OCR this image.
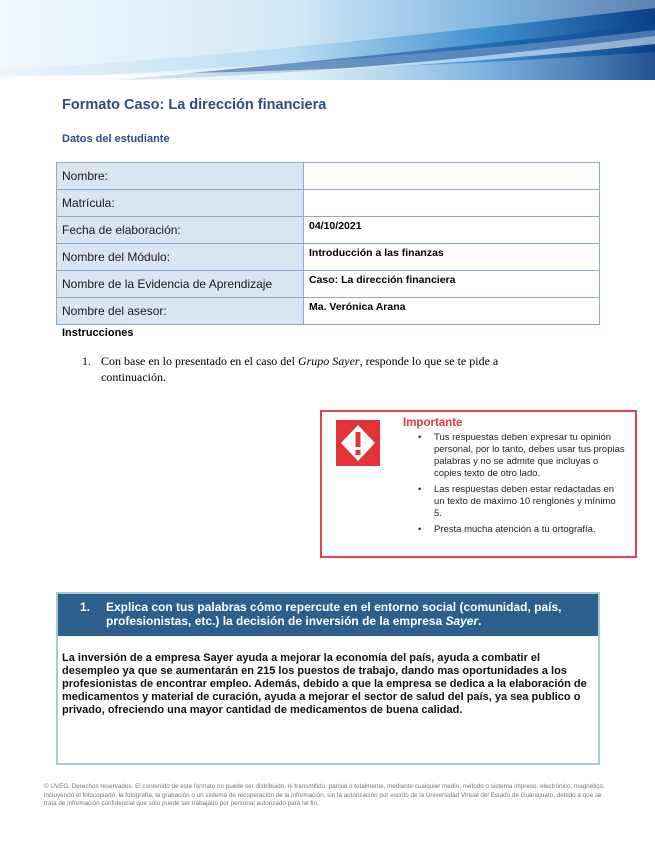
Formato Caso: La dirección financiera
Datos del estudiante
Nombre:	
Matrícula:	
Fecha de elaboración:	04/10/2021
Nombre del Módulo:	Introducción a las finanzas
Nombre de la Evidencia de Aprendizaje	Caso: La dirección financiera
Nombre del asesor:	Ma. Verónica Arana
Instrucciones
1. Con base en lo presentado en el caso del Grupo Sayer, responde lo que se te pide a continuación.
Importante
• Tus respuestas deben expresar tu opinión personal, por lo tanto, debes usar tus propias palabras y no se admite que incluyas o copies texto de otro lado.
• Las respuestas deben estar redactadas en un texto de máximo 10 renglones y mínimo 5.
• Presta mucha atención a tu ortografía.
1. Explica con tus palabras cómo repercute en el entorno social (comunidad, país, profesionistas, etc.) la decisión de inversión de la empresa Sayer.
La inversión de a empresa Sayer ayuda a mejorar la economía del país, ayuda a combatir el desempleo ya que se aumentarán en 215 los puestos de trabajo, dando mas oportunidades a los profesionistas de encontrar empleo. Además, debido a que la empresa se dedica a la elaboración de medicamentos y material de curación, ayuda a mejorar el sector de salud del país, ya sea publico o privado, ofreciendo una mayor cantidad de medicamentos de buena calidad.
© UVEG. Derechos reservados. El contenido de este formato no puede ser distribuido, ni transmitido, parcial o totalmente, mediante cualquier medio, método o sistema impreso, electrónico, magnético, incluyendo el fotocopiado, la fotografía, la grabación o un sistema de recuperación de la información, sin la autorización por escrito de la Universidad Virtual del Estado de Guanajuato, debido a que se trata de información confidencial que sólo puede ser trabajado por personal autorizado para tal fin.
